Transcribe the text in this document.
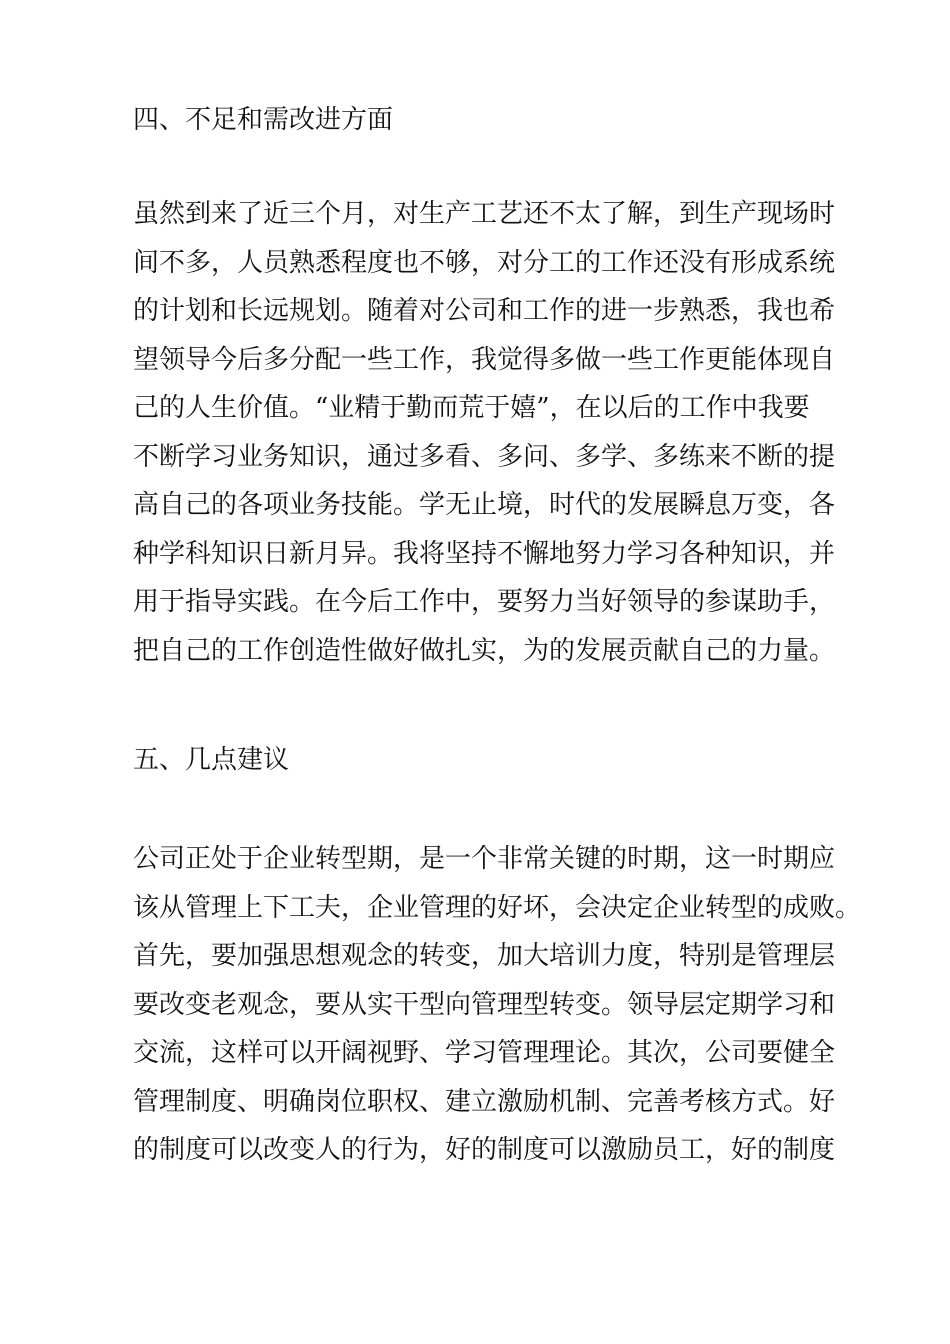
四、不足和需改进方面
虽然到来了近三个月，对生产工艺还不太了解，到生产现场时
间不多，人员熟悉程度也不够，对分工的工作还没有形成系统
的计划和长远规划。随着对公司和工作的进一步熟悉，我也希
望领导今后多分配一些工作，我觉得多做一些工作更能体现自
己的人生价值。“业精于勤而荒于嬉”，在以后的工作中我要
不断学习业务知识，通过多看、多问、多学、多练来不断的提
高自己的各项业务技能。学无止境，时代的发展瞬息万变，各
种学科知识日新月异。我将坚持不懈地努力学习各种知识，并
用于指导实践。在今后工作中，要努力当好领导的参谋助手，
把自己的工作创造性做好做扎实，为的发展贡献自己的力量。
五、几点建议
公司正处于企业转型期，是一个非常关键的时期，这一时期应
该从管理上下工夫，企业管理的好坏，会决定企业转型的成败。
首先，要加强思想观念的转变，加大培训力度，特别是管理层
要改变老观念，要从实干型向管理型转变。领导层定期学习和
交流，这样可以开阔视野、学习管理理论。其次，公司要健全
管理制度、明确岗位职权、建立激励机制、完善考核方式。好
的制度可以改变人的行为，好的制度可以激励员工，好的制度
